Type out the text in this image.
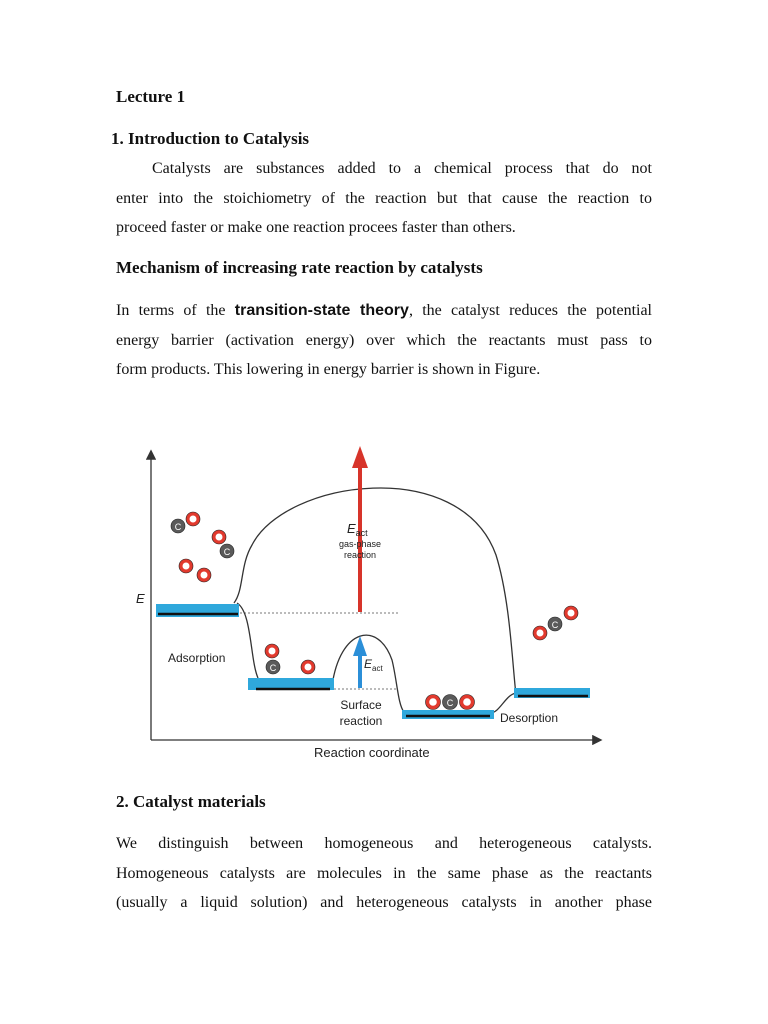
Lecture 1
1. Introduction to Catalysis

Catalysts are substances added to a chemical process that do not
enter into the stoichiometry of the reaction but that cause the reaction to
proceed faster or make one reaction procees faster than others.

Mechanism of increasing rate reaction by catalysts

In terms of the transition-state theory, the catalyst reduces the potential
energy barrier (activation energy) over which the reactants must pass to
form products. This lowering in energy barrier is shown in Figure.

E
Reaction coordinate
$E_{act}$
gas-phase
reaction
$E_{act}$
Adsorption
Surface
reaction	Desorption
C
C
C
C
C
2. Catalyst materials

We distinguish between homogeneous and heterogeneous catalysts.
Homogeneous catalysts are molecules in the same phase as the reactants
(usually a liquid solution) and heterogeneous catalysts in another phase
